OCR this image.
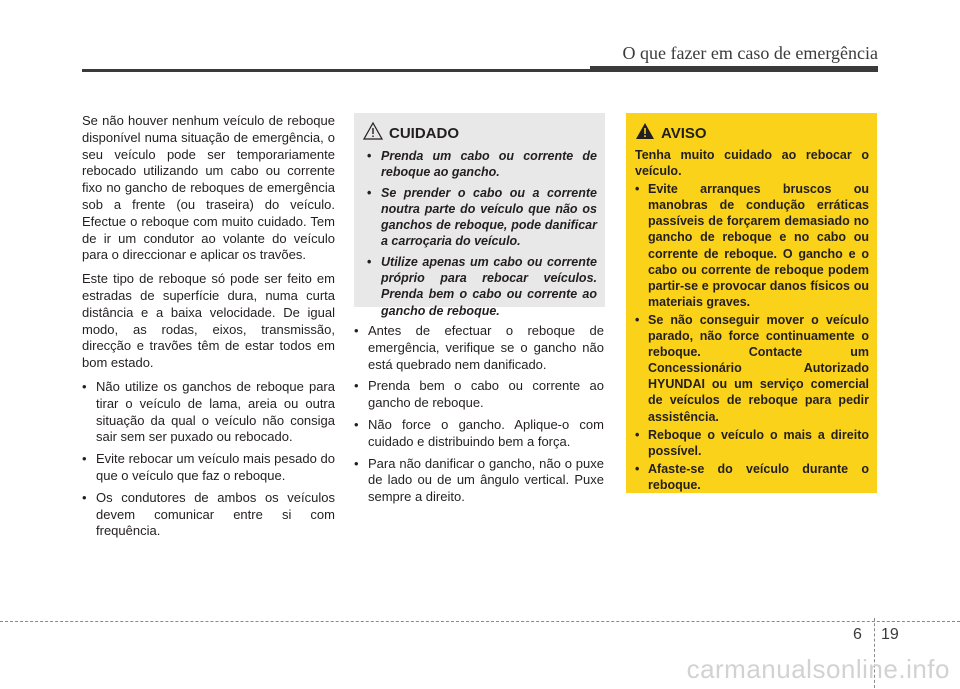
O que fazer em caso de emergência

Se não houver nenhum veículo de reboque disponível numa situação de emergência, o seu veículo pode ser temporariamente rebocado utilizando um cabo ou corrente fixo no gancho de reboques de emergência sob a frente (ou traseira) do veículo. Efectue o reboque com muito cuidado. Tem de ir um condutor ao volante do veículo para o direccionar e aplicar os travões.

Este tipo de reboque só pode ser feito em estradas de superfície dura, numa curta distância e a baixa velocidade. De igual modo, as rodas, eixos, transmissão, direcção e travões têm de estar todos em bom estado.

• Não utilize os ganchos de reboque para tirar o veículo de lama, areia ou outra situação da qual o veículo não consiga sair sem ser puxado ou rebocado.
• Evite rebocar um veículo mais pesado do que o veículo que faz o reboque.
• Os condutores de ambos os veículos devem comunicar entre si com frequência.
CUIDADO
• Prenda um cabo ou corrente de reboque ao gancho.
• Se prender o cabo ou a corrente noutra parte do veículo que não os ganchos de reboque, pode danificar a carroçaria do veículo.
• Utilize apenas um cabo ou corrente próprio para rebocar veículos. Prenda bem o cabo ou corrente ao gancho de reboque.
• Antes de efectuar o reboque de emergência, verifique se o gancho não está quebrado nem danificado.
• Prenda bem o cabo ou corrente ao gancho de reboque.
• Não force o gancho. Aplique-o com cuidado e distribuindo bem a força.
• Para não danificar o gancho, não o puxe de lado ou de um ângulo vertical. Puxe sempre a direito.
AVISO

Tenha muito cuidado ao rebocar o veículo.

• Evite arranques bruscos ou manobras de condução erráticas passíveis de forçarem demasiado no gancho de reboque e no cabo ou corrente de reboque. O gancho e o cabo ou corrente de reboque podem partir-se e provocar danos físicos ou materiais graves.
• Se não conseguir mover o veículo parado, não force continuamente o reboque. Contacte um Concessionário Autorizado HYUNDAI ou um serviço comercial de veículos de reboque para pedir assistência.
• Reboque o veículo o mais a direito possível.
• Afaste-se do veículo durante o reboque.
6 19
carmanualsonline.info
